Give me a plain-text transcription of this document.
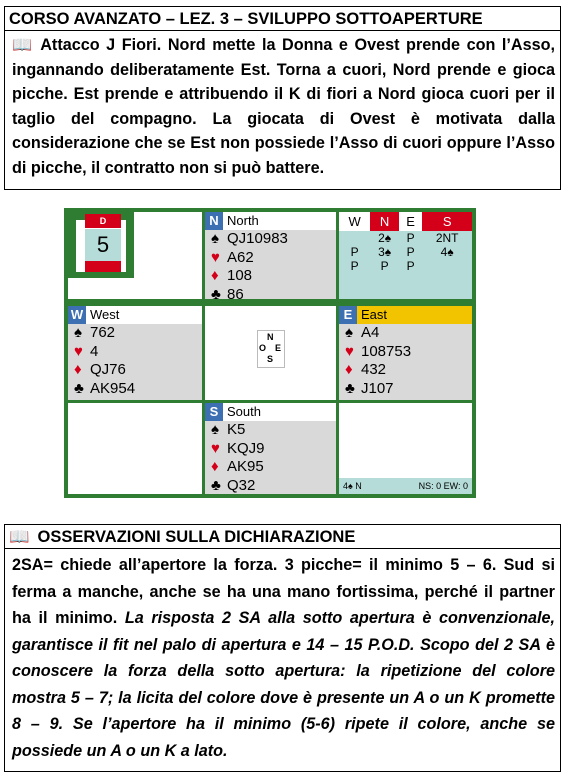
CORSO AVANZATO – LEZ. 3 – SVILUPPO SOTTOAPERTURE
📖 Attacco J Fiori. Nord mette la Donna e Ovest prende con l’Asso, ingannando deliberatamente Est. Torna a cuori, Nord prende e gioca picche. Est prende e attribuendo il K di fiori a Nord gioca cuori per il taglio del compagno. La giocata di Ovest è motivata dalla considerazione che se Est non possiede l’Asso di cuori oppure l’Asso di picche, il contratto non si può battere.
D
5
N North
♠ QJ10983
♥ A62
♦ 108
♣ 86
W	N	E	S
	2♠	P	2NT
P	3♠	P	4♠
P	P	P	
W West
♠ 762
♥ 4
♦ QJ76
♣ AK954
N
O E
S
E East
♠ A4
♥ 108753
♦ 432
♣ J107
S South
♠ K5
♥ KQJ9
♦ AK95
♣ Q32	4♠ N	NS: 0 EW: 0
📖 OSSERVAZIONI SULLA DICHIARAZIONE
2SA= chiede all’apertore la forza. 3 picche= il minimo 5 – 6. Sud si ferma a manche, anche se ha una mano fortissima, perché il partner ha il minimo. La risposta 2 SA alla sotto apertura è convenzionale, garantisce il fit nel palo di apertura e 14 – 15 P.O.D. Scopo del 2 SA è conoscere la forza della sotto apertura: la ripetizione del colore mostra 5 – 7; la licita del colore dove è presente un A o un K promette 8 – 9. Se l’apertore ha il minimo (5-6) ripete il colore, anche se possiede un A o un K a lato.
